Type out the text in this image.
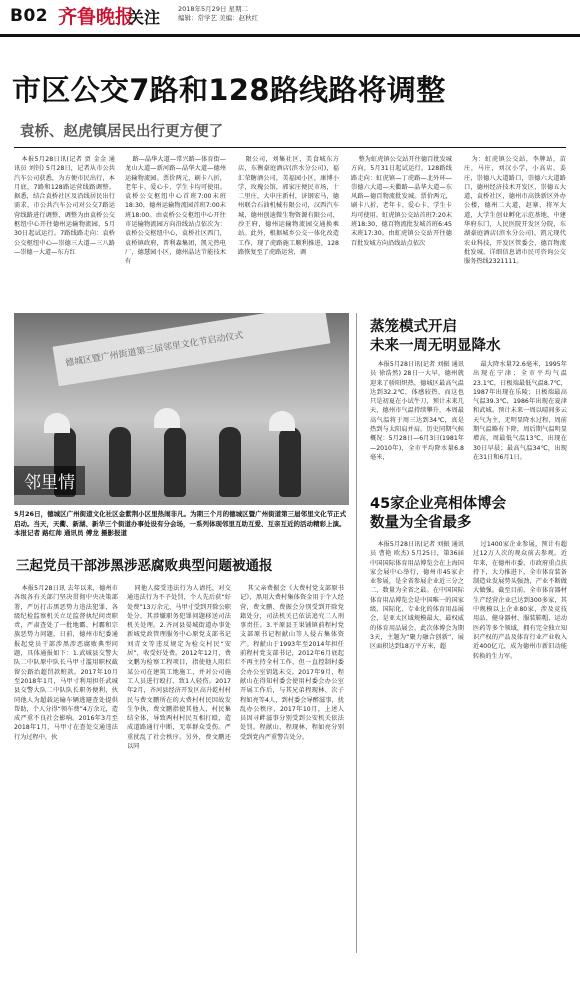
B02 齐鲁晚报
关注	2018年5月29日 星期二
编辑：常学艺 美编：赵秋红
市区公交7路和128路线路将调整
袁桥、赵虎镇居民出行更方便了

本报5月28日讯(记者 贾 金金 通讯员 刘钊) 5月28日，记者从市公共汽车公司获悉，为方便市民出行，本月底，7路和128路运营线路调整。据悉，结合袁桥社区及沿线居民出行需求，市公共汽车公司对公交7路运营线路进行调整，调整为由袁桥公交枢纽中心开往德州运输物流园，5月30日起试运行。7路线路走向：袁桥公交枢纽中心—崇德三大道—三八路—崇德一大道—东方红

路—晶华大道—常兴路—体育街—龙山大道—新河路—晶华大道—德州运输物流园。票价两元，刷卡八折，老年卡、爱心卡、学生卡均可使用。袁桥公交枢纽中心首班7:00末班18:30，德州运输物流园首班7:00末班18:00。由袁桥公交枢纽中心开往市运输物流园方向沿线站点依次为：袁桥公交枢纽中心，袁桥社区西门，袁桥镇政府，普利森集团，凯元热电厂，德慧园小区，德州晶达节能技术有

限公司，刘集社区，美食城东方店，东衡豪庭酒店(滨水分公司)，福汇荣糖酒公司，美福园小区，康博小学，玫瑰公馆，郭家庄便民市场，十二里庄，大申庄新村，济钢宏马，德州联合石油机械有限公司，汉西汽车城，德州创迪微生物资源有限公司，沙王府，德州运输物流园交通换乘站。此外，根据城乡公交一体化改造工作，现了虎路施工顺利推进，128路恢复至了虎路运营，调

整为虹虎镇公交站开往德百批发城方向，5月31日起试运行。128路线路走向：虹虎镇—丁虎路—北外环—崇德六大道—天衢路—晶华大道—东风路—德百物流批发城。票价两元，刷卡八折，老年卡、爱心卡、学生卡均可使用。虹虎镇公交站首班7:20末班18:30，德百物流批发城首班6:45末班17:30。由虹虎镇公交站开往德百批发城方向沿线站点依次

为：虹虎镇公交站，李牌站，苗庄，马庄，刘汉小学，小高店，姜庄，崇德八大道路口，崇德六大道路口，德州经济技术开发区，崇德五大道，袁桥社区，德州市高铁新区外办公楼，德州二大道，赵寨，将军大道，大学生创业孵化示范基地，中建华府东门，人民医院开发区分院，东湖豪庭酒店(滨水分公司)，凯元现代农业科技，开发区管委会，德百物流批发城。详细信息请市民可咨询公交服务热线2321111。

德城区暨广州街道第三届邻里文化节启动仪式
邻里情
5月26日，德城区广州街道文化社区金紫荆小区里热闹非凡。为期三个月的德城区暨广州街道第三届邻里文化节正式启动。当天，天衢、新湖、新华三个街道办事处设有分会场，一系列体现邻里互助互爱、互亲互近的活动精彩上演。 本报记者 路红帅 通讯员 傅龙 摄影报道
蒸笼模式开启
未来一周无明显降水

本报5月28日讯(记者 刘振 通讯员 徐浩然) 28日一大早，德州就迎来了骄阳炽热，德城区最高气温达到32.2℃，体感较热，而这也只是初夏在小试牛刀，预计未来几天，德州市气温持续攀升，本周最高气温将于周三达到34℃，真是热到与太阳肩并肩。历史同期气候概况：5月28日—6月3日(1981年—2010年)，全市平均降水量6.8毫米，

最大降水量72.6毫米，1995年出现在宁津；全市平均气温23.1℃，日极端最低气温8.7℃，1987年出现在乐陵；日极端最高气温39.3℃，1986年出现在夏津和武城。预计未来一周以晴间多云天气为主，无明显降水过程，周前期气温略有下降，周后期气温明显增高，周最低气温13℃，出现在30日早晨；最高气温34℃，出现在31日和6月1日。

45家企业亮相体博会
数量为全省最多

本报5月28日讯(记者 刘振 通讯员 曹艳 欧杰) 5月25日，第36届中国国际体育用品博览会在上海国家会展中心举行，德州市45家企业参展，是全省参展企业近三分之二，数量为全省之最。在中国国际体育用品博览会是中国唯一的国家级、国际化、专业化的体育用品展会，是亚太区域规模最大、最权威的体育用品展会。此次体博会为期3天，主题为“聚力融合创新”，展区面积达到18万平方米，超

过1400家企业参展，预计有超过12万人次的观众前去参观。近年来，在德州市委、市政府重点扶持下，大力推进下，全市体育装备制造业发展势头强劲，产业不断做大做强。截至目前，全市体育器材生产经营企业已达到300多家，其中规模以上企业80家，涉及竞技用品、健身器材、服装鞋帽、运动医药等多个领域，拥有完全独立知识产权的产品及体育行业产业收入近400亿元，成为德州市新旧动能转换的生力军。

三起党员干部涉黑涉恶腐败典型问题被通报

本报5月28日讯 去年以来，德州市各级各有关部门坚决贯彻中央决策部署，严厉打击黑恶势力违法犯罪，各级纪检监察机关立足监督执纪问责职责，严肃查处了一批地霸、村霸和宗族恶势力问题，日前，德州市纪委通报起党员干部涉黑涉恶腐败典型问题，具体通报如下：1.武城县交警大队二中队原中队长马甲寸滥用职权截留公路治超罚款赃款。2017年10月至2018年1月，马甲寸利用担任武城县交警大队二中队队长职务便利，伙同他人为超载运输车辆逃避查处提供帮助，个人分得“领车费”4万余元，造成严重不良社会影响。2016年3月至2018年1月，马甲寸在查处交通违法行为过程中，伙

同他人接受违法行为人请托，对交通违法行为不予处罚，个人先后获“好处费”13万余元，马甲寸受到开除公职处分，其涉嫌职务犯罪问题移送司法机关处理。2.齐河县晏城街道办事处新城党政管理服务中心原党支部书记刘青文等违反规定为检交村民“安居”，收受好处费。2012年12月，费文鹏为检察工程项目，指使他人阻拦某公司在建筑工地施工，并对公司施工人员进行殴打，致1人轻伤。2017年2月，齐河县经济开发区高升乾村村民与费文鹏所在的大费村村民因故发生争执，费文鹏指使其他人，村民集结全体，导致两村村民互相打殴，造成道路通行中断，无辜群众受伤。严重扰乱了社会秩序。另外，费文鹏还以同

其父亲费振会《大费村党支部原书记》，黑用大费村集体资金用于个人经营，费文鹏、费振会分别受到开除党籍处分，司法机关已依法追究二人刑事责任。3.平原县王果铺镇前程村党支部原书记程献山等人侵占集体资产。程献山于1993年至2014年担任前程村党支部书记，2012年6月底起不再主持全村工作，但一直控制村委会办公室钥匙未交。2017年9月，程献山在得知村委会使用村委会办公室开展工作后，与其兄弟程现林、次子程如亮等4人，到村委会导醉滋事，扰乱办公秩序，2017年10月，上述人员因寻衅滋事分别受到公安机关依法处罚。程献山、程现林、程如亮分别受到党内严重警告处分。
